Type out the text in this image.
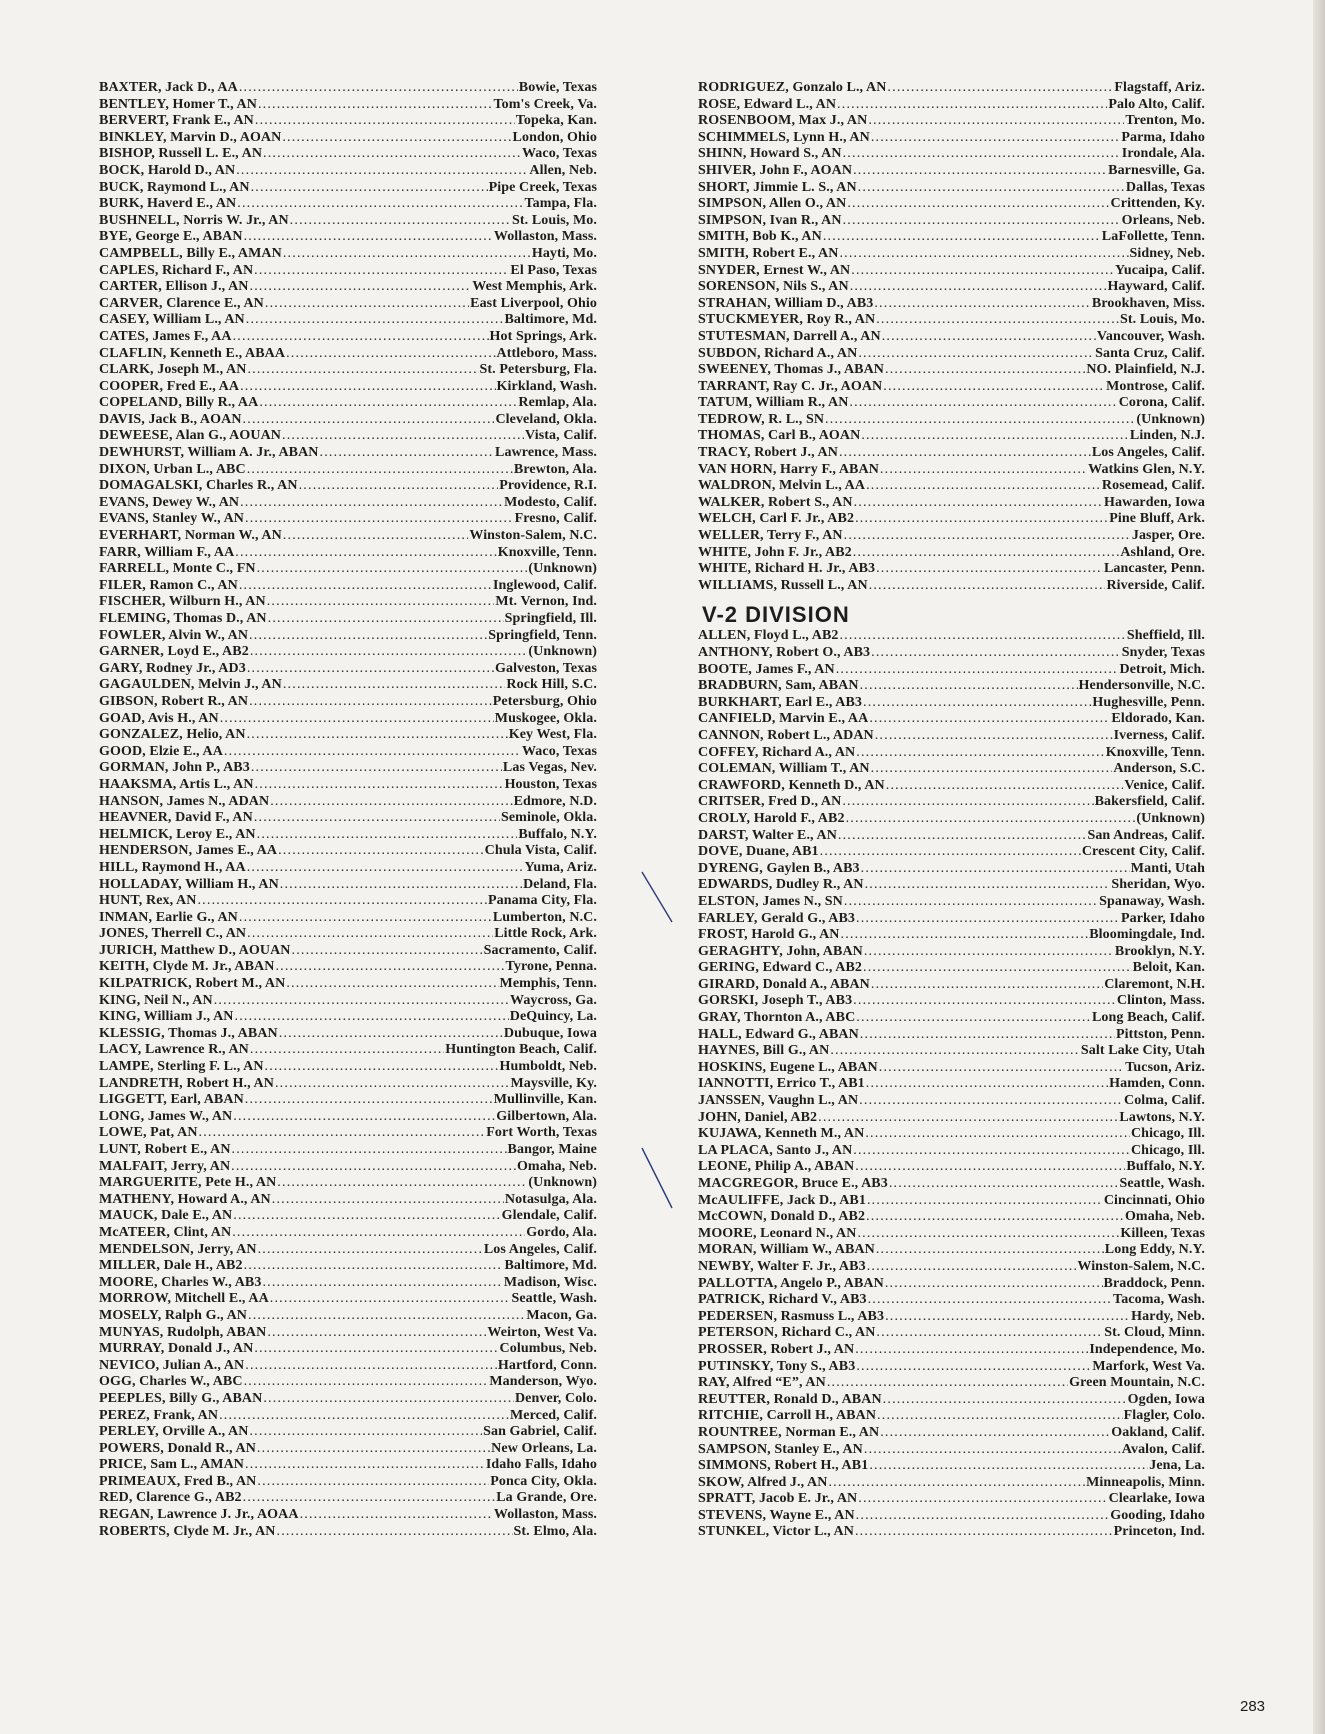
BAXTER, Jack D., AA .....	Bowie, Texas
BENTLEY, Homer T., AN .....	Tom's Creek, Va.
BERVERT, Frank E., AN .....	Topeka, Kan.
BINKLEY, Marvin D., AOAN .....	London, Ohio
BISHOP, Russell L. E., AN .....	Waco, Texas
BOCK, Harold D., AN .....	Allen, Neb.
BUCK, Raymond L., AN .....	Pipe Creek, Texas
BURK, Haverd E., AN .....	Tampa, Fla.
BUSHNELL, Norris W. Jr., AN .....	St. Louis, Mo.
BYE, George E., ABAN .....	Wollaston, Mass.
CAMPBELL, Billy E., AMAN .....	Hayti, Mo.
CAPLES, Richard F., AN .....	El Paso, Texas
CARTER, Ellison J., AN .....	West Memphis, Ark.
CARVER, Clarence E., AN .....	East Liverpool, Ohio
CASEY, William L., AN .....	Baltimore, Md.
CATES, James F., AA .....	Hot Springs, Ark.
CLAFLIN, Kenneth E., ABAA .....	Attleboro, Mass.
CLARK, Joseph M., AN .....	St. Petersburg, Fla.
COOPER, Fred E., AA .....	Kirkland, Wash.
COPELAND, Billy R., AA .....	Remlap, Ala.
DAVIS, Jack B., AOAN .....	Cleveland, Okla.
DEWEESE, Alan G., AOUAN .....	Vista, Calif.
DEWHURST, William A. Jr., ABAN .....	Lawrence, Mass.
DIXON, Urban L., ABC .....	Brewton, Ala.
DOMAGALSKI, Charles R., AN .....	Providence, R.I.
EVANS, Dewey W., AN .....	Modesto, Calif.
EVANS, Stanley W., AN .....	Fresno, Calif.
EVERHART, Norman W., AN .....	Winston-Salem, N.C.
FARR, William F., AA .....	Knoxville, Tenn.
FARRELL, Monte C., FN .....	(Unknown)
FILER, Ramon C., AN .....	Inglewood, Calif.
FISCHER, Wilburn H., AN .....	Mt. Vernon, Ind.
FLEMING, Thomas D., AN .....	Springfield, Ill.
FOWLER, Alvin W., AN .....	Springfield, Tenn.
GARNER, Loyd E., AB2 .....	(Unknown)
GARY, Rodney Jr., AD3 .....	Galveston, Texas
GAGAULDEN, Melvin J., AN .....	Rock Hill, S.C.
GIBSON, Robert R., AN .....	Petersburg, Ohio
GOAD, Avis H., AN .....	Muskogee, Okla.
GONZALEZ, Helio, AN .....	Key West, Fla.
GOOD, Elzie E., AA .....	Waco, Texas
GORMAN, John P., AB3 .....	Las Vegas, Nev.
HAAKSMA, Artis L., AN .....	Houston, Texas
HANSON, James N., ADAN .....	Edmore, N.D.
HEAVNER, David F., AN .....	Seminole, Okla.
HELMICK, Leroy E., AN .....	Buffalo, N.Y.
HENDERSON, James E., AA .....	Chula Vista, Calif.
HILL, Raymond H., AA .....	Yuma, Ariz.
HOLLADAY, William H., AN .....	Deland, Fla.
HUNT, Rex, AN .....	Panama City, Fla.
INMAN, Earlie G., AN .....	Lumberton, N.C.
JONES, Therrell C., AN .....	Little Rock, Ark.
JURICH, Matthew D., AOUAN .....	Sacramento, Calif.
KEITH, Clyde M. Jr., ABAN .....	Tyrone, Penna.
KILPATRICK, Robert M., AN .....	Memphis, Tenn.
KING, Neil N., AN .....	Waycross, Ga.
KING, William J., AN .....	DeQuincy, La.
KLESSIG, Thomas J., ABAN .....	Dubuque, Iowa
LACY, Lawrence R., AN .....	Huntington Beach, Calif.
LAMPE, Sterling F. L., AN .....	Humboldt, Neb.
LANDRETH, Robert H., AN .....	Maysville, Ky.
LIGGETT, Earl, ABAN .....	Mullinville, Kan.
LONG, James W., AN .....	Gilbertown, Ala.
LOWE, Pat, AN .....	Fort Worth, Texas
LUNT, Robert E., AN .....	Bangor, Maine
MALFAIT, Jerry, AN .....	Omaha, Neb.
MARGUERITE, Pete H., AN .....	(Unknown)
MATHENY, Howard A., AN .....	Notasulga, Ala.
MAUCK, Dale E., AN .....	Glendale, Calif.
McATEER, Clint, AN .....	Gordo, Ala.
MENDELSON, Jerry, AN .....	Los Angeles, Calif.
MILLER, Dale H., AB2 .....	Baltimore, Md.
MOORE, Charles W., AB3 .....	Madison, Wisc.
MORROW, Mitchell E., AA .....	Seattle, Wash.
MOSELY, Ralph G., AN .....	Macon, Ga.
MUNYAS, Rudolph, ABAN .....	Weirton, West Va.
MURRAY, Donald J., AN .....	Columbus, Neb.
NEVICO, Julian A., AN .....	Hartford, Conn.
OGG, Charles W., ABC .....	Manderson, Wyo.
PEEPLES, Billy G., ABAN .....	Denver, Colo.
PEREZ, Frank, AN .....	Merced, Calif.
PERLEY, Orville A., AN .....	San Gabriel, Calif.
POWERS, Donald R., AN .....	New Orleans, La.
PRICE, Sam L., AMAN .....	Idaho Falls, Idaho
PRIMEAUX, Fred B., AN .....	Ponca City, Okla.
RED, Clarence G., AB2 .....	La Grande, Ore.
REGAN, Lawrence J. Jr., AOAA .....	Wollaston, Mass.
ROBERTS, Clyde M. Jr., AN .....	St. Elmo, Ala.
RODRIGUEZ, Gonzalo L., AN .....	Flagstaff, Ariz.
ROSE, Edward L., AN .....	Palo Alto, Calif.
ROSENBOOM, Max J., AN .....	Trenton, Mo.
SCHIMMELS, Lynn H., AN .....	Parma, Idaho
SHINN, Howard S., AN .....	Irondale, Ala.
SHIVER, John F., AOAN .....	Barnesville, Ga.
SHORT, Jimmie L. S., AN .....	Dallas, Texas
SIMPSON, Allen O., AN .....	Crittenden, Ky.
SIMPSON, Ivan R., AN .....	Orleans, Neb.
SMITH, Bob K., AN .....	LaFollette, Tenn.
SMITH, Robert E., AN .....	Sidney, Neb.
SNYDER, Ernest W., AN .....	Yucaipa, Calif.
SORENSON, Nils S., AN .....	Hayward, Calif.
STRAHAN, William D., AB3 .....	Brookhaven, Miss.
STUCKMEYER, Roy R., AN .....	St. Louis, Mo.
STUTESMAN, Darrell A., AN .....	Vancouver, Wash.
SUBDON, Richard A., AN .....	Santa Cruz, Calif.
SWEENEY, Thomas J., ABAN .....	NO. Plainfield, N.J.
TARRANT, Ray C. Jr., AOAN .....	Montrose, Calif.
TATUM, William R., AN .....	Corona, Calif.
TEDROW, R. L., SN .....	(Unknown)
THOMAS, Carl B., AOAN .....	Linden, N.J.
TRACY, Robert J., AN .....	Los Angeles, Calif.
VAN HORN, Harry F., ABAN .....	Watkins Glen, N.Y.
WALDRON, Melvin L., AA .....	Rosemead, Calif.
WALKER, Robert S., AN .....	Hawarden, Iowa
WELCH, Carl F. Jr., AB2 .....	Pine Bluff, Ark.
WELLER, Terry F., AN .....	Jasper, Ore.
WHITE, John F. Jr., AB2 .....	Ashland, Ore.
WHITE, Richard H. Jr., AB3 .....	Lancaster, Penn.
WILLIAMS, Russell L., AN .....	Riverside, Calif.
V-2 DIVISION
ALLEN, Floyd L., AB2 .....	Sheffield, Ill.
ANTHONY, Robert O., AB3 .....	Snyder, Texas
BOOTE, James F., AN .....	Detroit, Mich.
BRADBURN, Sam, ABAN .....	Hendersonville, N.C.
BURKHART, Earl E., AB3 .....	Hughesville, Penn.
CANFIELD, Marvin E., AA .....	Eldorado, Kan.
CANNON, Robert L., ADAN .....	Iverness, Calif.
COFFEY, Richard A., AN .....	Knoxville, Tenn.
COLEMAN, William T., AN .....	Anderson, S.C.
CRAWFORD, Kenneth D., AN .....	Venice, Calif.
CRITSER, Fred D., AN .....	Bakersfield, Calif.
CROLY, Harold F., AB2 .....	(Unknown)
DARST, Walter E., AN .....	San Andreas, Calif.
DOVE, Duane, AB1 .....	Crescent City, Calif.
DYRENG, Gaylen B., AB3 .....	Manti, Utah
EDWARDS, Dudley R., AN .....	Sheridan, Wyo.
ELSTON, James N., SN .....	Spanaway, Wash.
FARLEY, Gerald G., AB3 .....	Parker, Idaho
FROST, Harold G., AN .....	Bloomingdale, Ind.
GERAGHTY, John, ABAN .....	Brooklyn, N.Y.
GERING, Edward C., AB2 .....	Beloit, Kan.
GIRARD, Donald A., ABAN .....	Claremont, N.H.
GORSKI, Joseph T., AB3 .....	Clinton, Mass.
GRAY, Thornton A., ABC .....	Long Beach, Calif.
HALL, Edward G., ABAN .....	Pittston, Penn.
HAYNES, Bill G., AN .....	Salt Lake City, Utah
HOSKINS, Eugene L., ABAN .....	Tucson, Ariz.
IANNOTTI, Errico T., AB1 .....	Hamden, Conn.
JANSSEN, Vaughn L., AN .....	Colma, Calif.
JOHN, Daniel, AB2 .....	Lawtons, N.Y.
KUJAWA, Kenneth M., AN .....	Chicago, Ill.
LA PLACA, Santo J., AN .....	Chicago, Ill.
LEONE, Philip A., ABAN .....	Buffalo, N.Y.
MACGREGOR, Bruce E., AB3 .....	Seattle, Wash.
McAULIFFE, Jack D., AB1 .....	Cincinnati, Ohio
McCOWN, Donald D., AB2 .....	Omaha, Neb.
MOORE, Leonard N., AN .....	Killeen, Texas
MORAN, William W., ABAN .....	Long Eddy, N.Y.
NEWBY, Walter F. Jr., AB3 .....	Winston-Salem, N.C.
PALLOTTA, Angelo P., ABAN .....	Braddock, Penn.
PATRICK, Richard V., AB3 .....	Tacoma, Wash.
PEDERSEN, Rasmuss L., AB3 .....	Hardy, Neb.
PETERSON, Richard C., AN .....	St. Cloud, Minn.
PROSSER, Robert J., AN .....	Independence, Mo.
PUTINSKY, Tony S., AB3 .....	Marfork, West Va.
RAY, Alfred “E”, AN .....	Green Mountain, N.C.
REUTTER, Ronald D., ABAN .....	Ogden, Iowa
RITCHIE, Carroll H., ABAN .....	Flagler, Colo.
ROUNTREE, Norman E., AN .....	Oakland, Calif.
SAMPSON, Stanley E., AN .....	Avalon, Calif.
SIMMONS, Robert H., AB1 .....	Jena, La.
SKOW, Alfred J., AN .....	Minneapolis, Minn.
SPRATT, Jacob E. Jr., AN .....	Clearlake, Iowa
STEVENS, Wayne E., AN .....	Gooding, Idaho
STUNKEL, Victor L., AN .....	Princeton, Ind.
283
